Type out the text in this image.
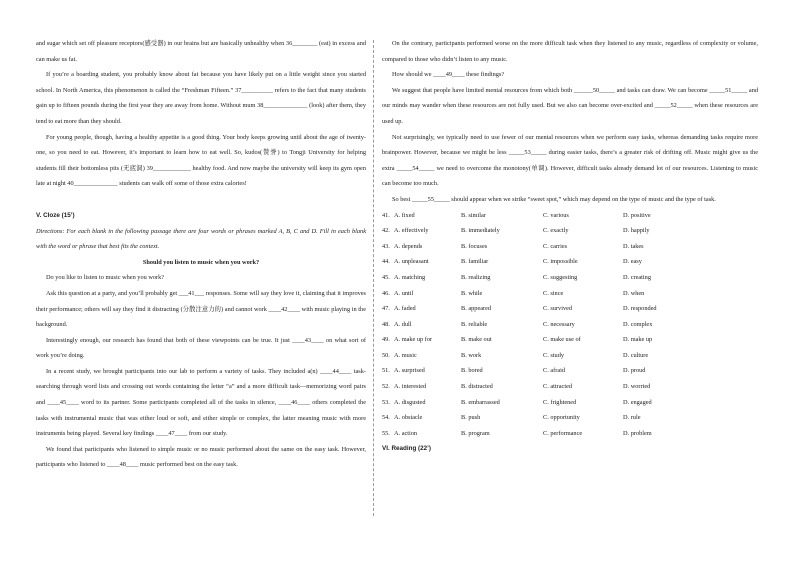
and sugar which set off pleasure receptors(感受器) in our brains but are basically unhealthy when 36________ (eat) in excess and can make us fat.

If you’re a boarding student, you probably know about fat because you have likely put on a little weight since you started school. In North America, this phenomenon is called the “Freshman Fifteen.” 37__________ refers to the fact that many students gain up to fifteen pounds during the first year they are away from home. Without mum 38______________ (look) after them, they tend to eat more than they should.

For young people, though, having a healthy appetite is a good thing. Your body keeps growing until about the age of twenty-one, so you need to eat. However, it’s important to learn how to eat well. So, kudos(赞誉) to Tongji University for helping students fill their bottomless pits (无底洞) 39____________ healthy food. And now maybe the university will keep its gym open late at night 40______________ students can walk off some of those extra calories!

V. Cloze (15’)

Directions: For each blank in the following passage there are four words or phrases marked A, B, C and D. Fill in each blank with the word or phrase that best fits the context.

Should you listen to music when you work?

Do you like to listen to music when you work?

Ask this question at a party, and you’ll probably get ___41___ responses. Some will say they love it, claiming that it improves their performance; others will say they find it distracting (分散注意力的) and cannot work ____42____ with music playing in the background.

Interestingly enough, our research has found that both of these viewpoints can be true. It just ____43____ on what sort of work you’re doing.

In a recent study, we brought participants into our lab to perform a variety of tasks. They included a(n) ____44____ task-searching through word lists and crossing out words containing the letter “a” and a more difficult task—memorizing word pairs and ____45____ word to its partner. Some participants completed all of the tasks in silence, ____46____ others completed the tasks with instrumental music that was either loud or soft, and either simple or complex, the latter meaning music with more instruments being played. Several key findings ____47____ from our study.

We found that participants who listened to simple music or no music performed about the same on the easy task. However, participants who listened to ____48____ music performed best on the easy task.

On the contrary, participants performed worse on the more difficult task when they listened to any music, regardless of complexity or volume, compared to those who didn’t listen to any music.

How should we ____49____ these findings?

We suggest that people have limited mental resources from which both ______50_____ and tasks can draw. We can become _____51_____ and our minds may wander when these resources are not fully used. But we also can become over-excited and _____52_____ when these resources are used up.

Not surprisingly, we typically need to use fewer of our mental resources when we perform easy tasks, whereas demanding tasks require more brainpower. However, because we might be less _____53_____ during easier tasks, there’s a greater risk of drifting off. Music might give us the extra _____54_____ we need to overcome the monotony(单调). However, difficult tasks already demand lot of our resources. Listening to music can become too much.

So best _____55_____ should appear when we strike “sweet spot,” which may depend on the type of music and the type of task.

41. A. fixed	B. similar	C. various	D. positive
42. A. effectively	B. immediately	C. exactly	D. happily
43. A. depends	B. focuses	C. carries	D. takes
44. A. unpleasant	B. familiar	C. impossible	D. easy
45. A. matching	B. realizing	C. suggesting	D. creating
46. A. until	B. while	C. since	D. when
47. A. faded	B. appeared	C. survived	D. responded
48. A. dull	B. reliable	C. necessary	D. complex
49. A. make up for	B. make out	C. make use of	D. make up
50. A. music	B. work	C. study	D. culture
51. A. surprised	B. bored	C. afraid	D. proud
52. A. interested	B. distracted	C. attracted	D. worried
53. A. disgusted	B. embarrassed	C. frightened	D. engaged
54. A. obstacle	B. push	C. opportunity	D. rule
55. A. action	B. program	C. performance	D. problem

VI. Reading (22’)
